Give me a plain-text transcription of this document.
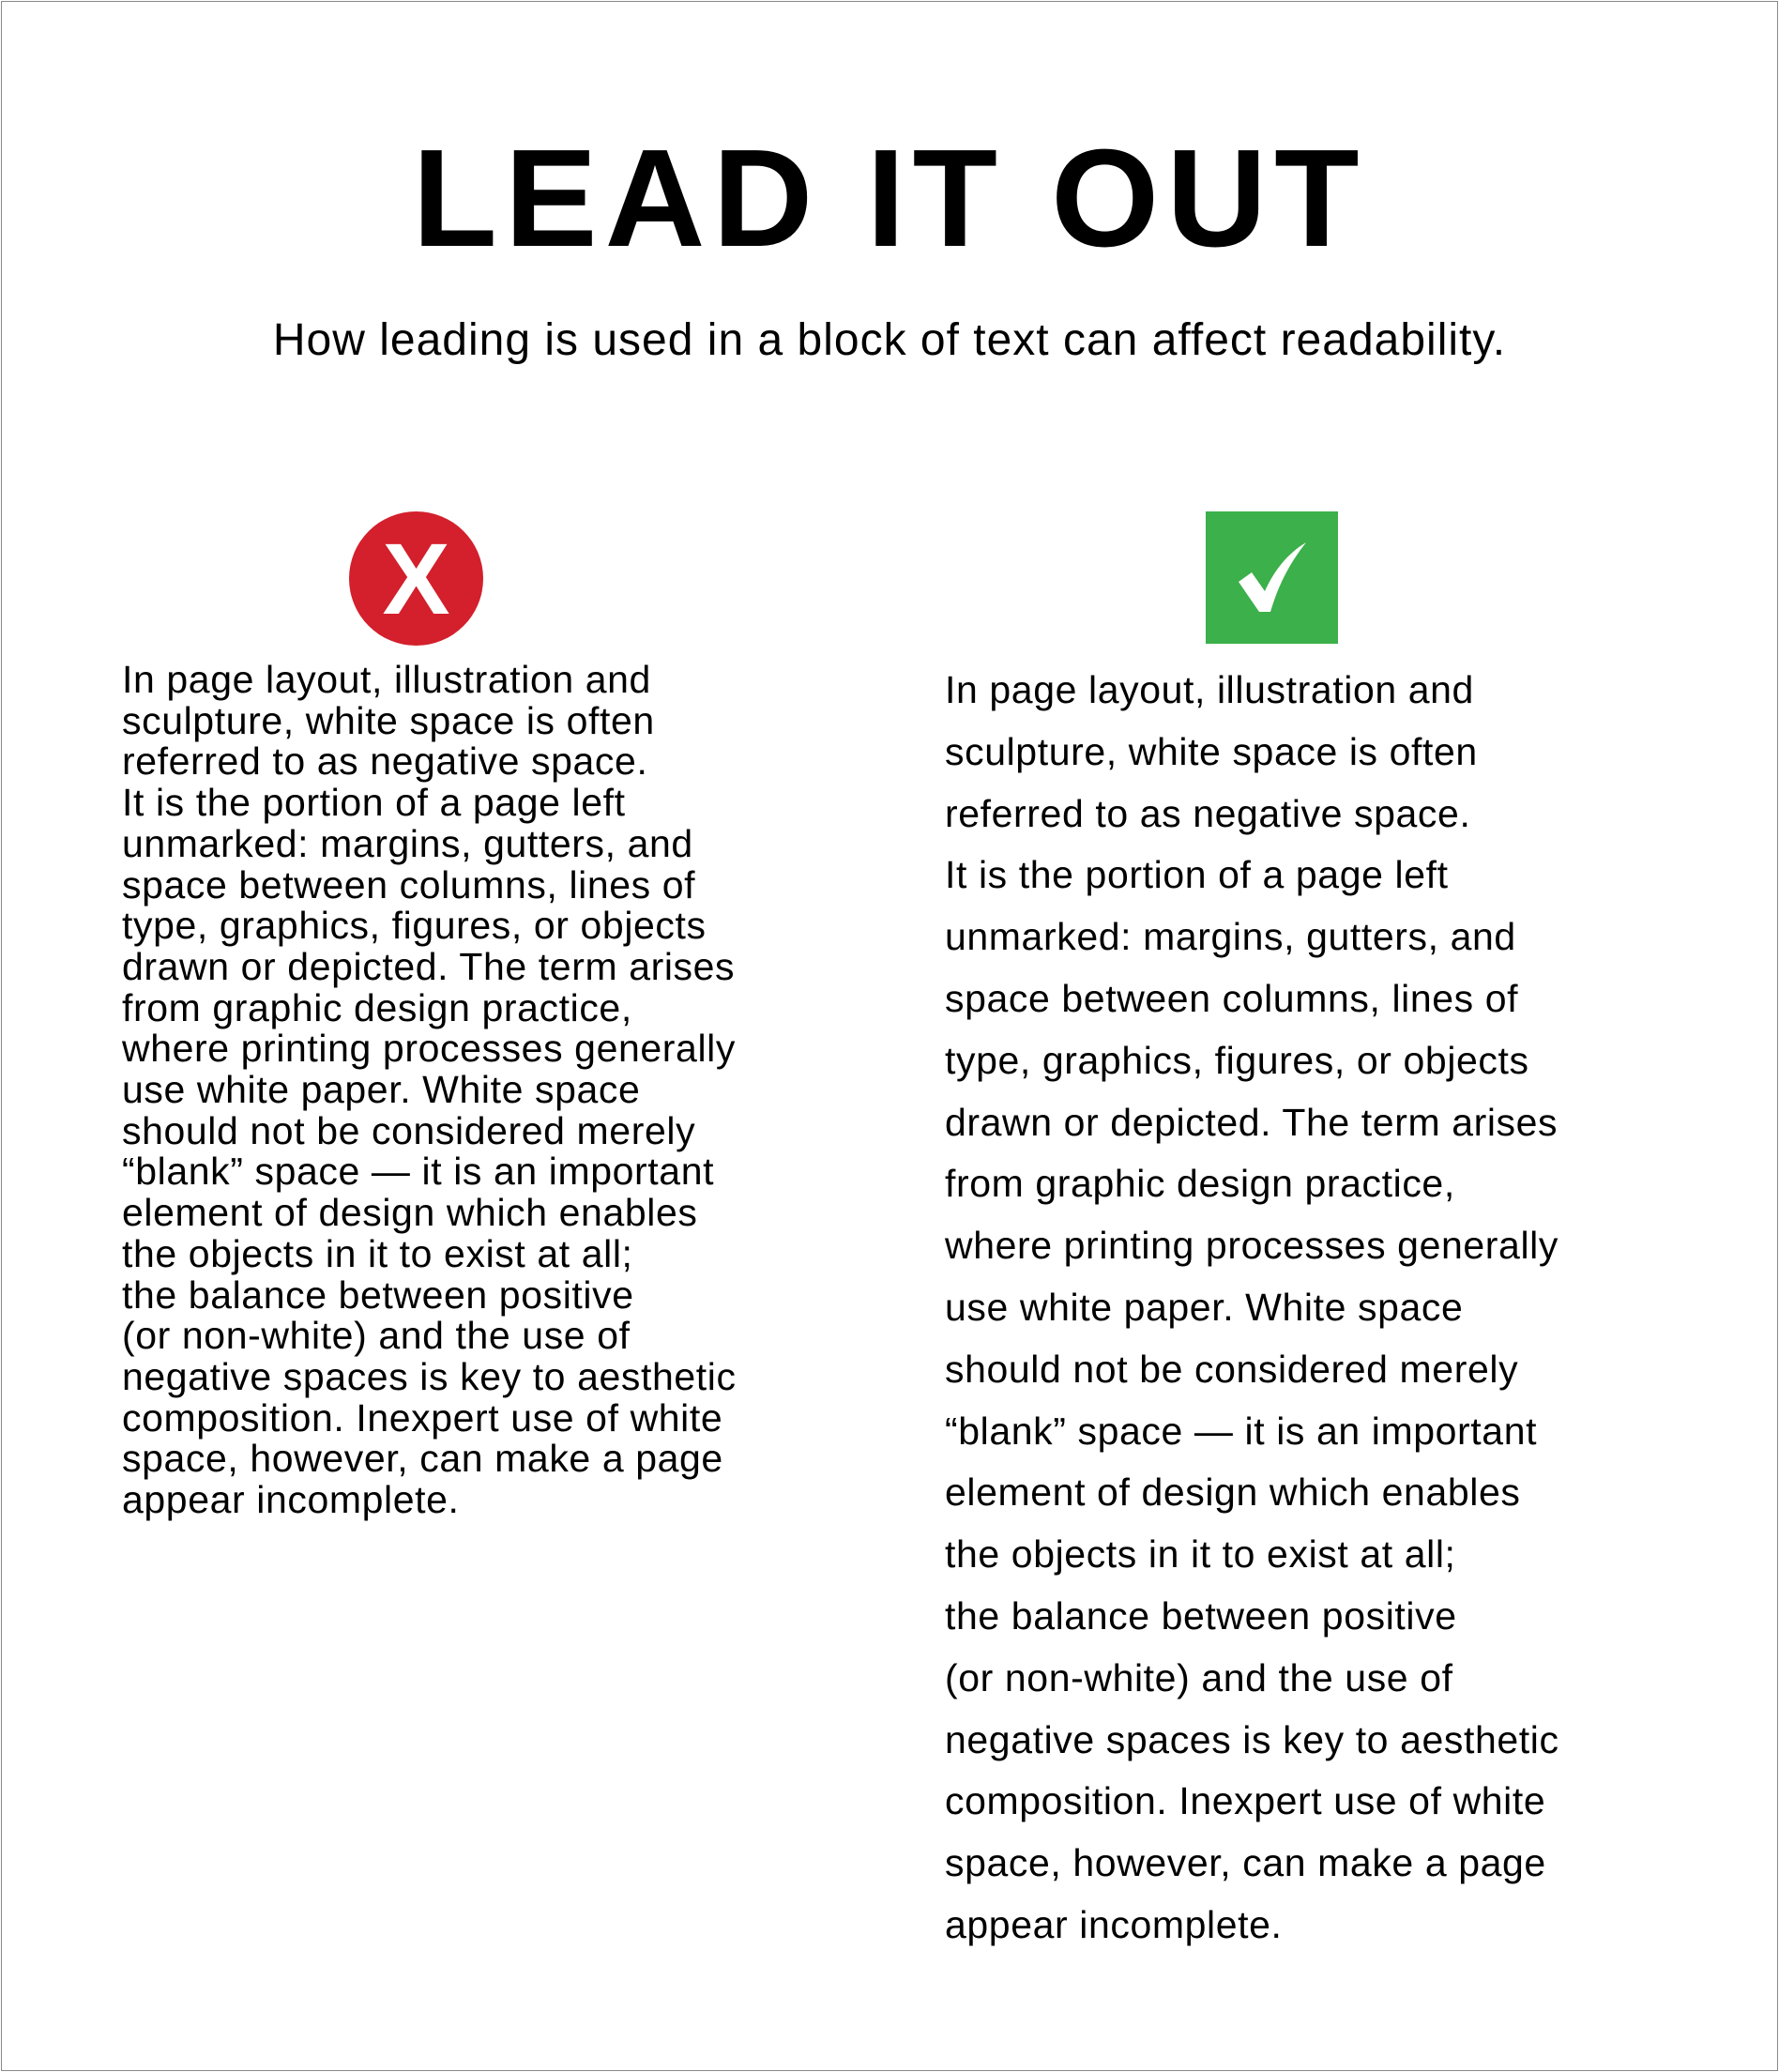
LEAD IT OUT

How leading is used in a block of text can affect readability.

X
In page layout, illustration and
sculpture, white space is often
referred to as negative space.
It is the portion of a page left
unmarked: margins, gutters, and
space between columns, lines of
type, graphics, figures, or objects
drawn or depicted. The term arises
from graphic design practice,
where printing processes generally
use white paper. White space
should not be considered merely
“blank” space — it is an important
element of design which enables
the objects in it to exist at all;
the balance between positive
(or non-white) and the use of
negative spaces is key to aesthetic
composition. Inexpert use of white
space, however, can make a page
appear incomplete.
In page layout, illustration and
sculpture, white space is often
referred to as negative space.
It is the portion of a page left
unmarked: margins, gutters, and
space between columns, lines of
type, graphics, figures, or objects
drawn or depicted. The term arises
from graphic design practice,
where printing processes generally
use white paper. White space
should not be considered merely
“blank” space — it is an important
element of design which enables
the objects in it to exist at all;
the balance between positive
(or non-white) and the use of
negative spaces is key to aesthetic
composition. Inexpert use of white
space, however, can make a page
appear incomplete.
